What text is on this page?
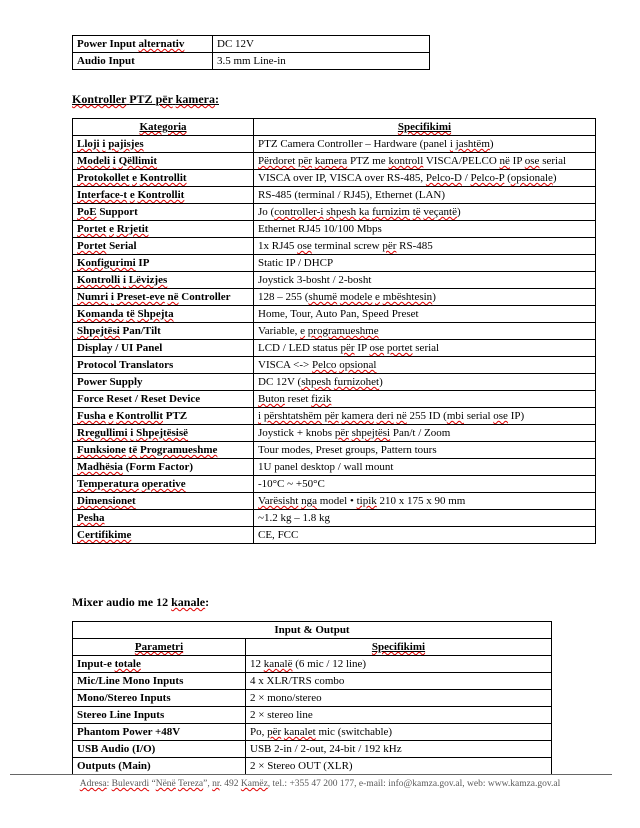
Power Input alternativ	DC 12V
Audio Input	3.5 mm Line-in
Kontroller PTZ për kamera:
Kategoria	Specifikimi
Lloji i pajisjes	PTZ Camera Controller – Hardware (panel i jashtëm)
Modeli i Qëllimit	Përdoret për kamera PTZ me kontroll VISCA/PELCO në IP ose serial
Protokollet e Kontrollit	VISCA over IP, VISCA over RS-485, Pelco-D / Pelco-P (opsionale)
Interface-t e Kontrollit	RS-485 (terminal / RJ45), Ethernet (LAN)
PoE Support	Jo (controller-i shpesh ka furnizim të veçantë)
Portet e Rrjetit	Ethernet RJ45 10/100 Mbps
Portet Serial	1x RJ45 ose terminal screw për RS-485
Konfigurimi IP	Static IP / DHCP
Kontrolli i Lëvizjes	Joystick 3-bosht / 2-bosht
Numri i Preset-eve në Controller	128 – 255 (shumë modele e mbështesin)
Komanda të Shpejta	Home, Tour, Auto Pan, Speed Preset
Shpejtësi Pan/Tilt	Variable, e programueshme
Display / UI Panel	LCD / LED status për IP ose portet serial
Protocol Translators	VISCA <-> Pelco opsional
Power Supply	DC 12V (shpesh furnizohet)
Force Reset / Reset Device	Buton reset fizik
Fusha e Kontrollit PTZ	i përshtatshëm për kamera deri në 255 ID (mbi serial ose IP)
Rregullimi i Shpejtësisë	Joystick + knobs për shpejtësi Pan/t / Zoom
Funksione të Programueshme	Tour modes, Preset groups, Pattern tours
Madhësia (Form Factor)	1U panel desktop / wall mount
Temperatura operative	-10°C ~ +50°C
Dimensionet	Varësisht nga model • tipik 210 x 175 x 90 mm
Pesha	~1.2 kg – 1.8 kg
Certifikime	CE, FCC
Mixer audio me 12 kanale:
Input & Output	
Parametri	Specifikimi
Input-e totale	12 kanalë (6 mic / 12 line)
Mic/Line Mono Inputs	4 x XLR/TRS combo
Mono/Stereo Inputs	2 × mono/stereo
Stereo Line Inputs	2 × stereo line
Phantom Power +48V	Po, për kanalet mic (switchable)
USB Audio (I/O)	USB 2-in / 2-out, 24-bit / 192 kHz
Outputs (Main)	2 × Stereo OUT (XLR)
Adresa: Bulevardi “Nënë Tereza”, nr. 492 Kamëz, tel.: +355 47 200 177, e-mail: info@kamza.gov.al, web: www.kamza.gov.al
